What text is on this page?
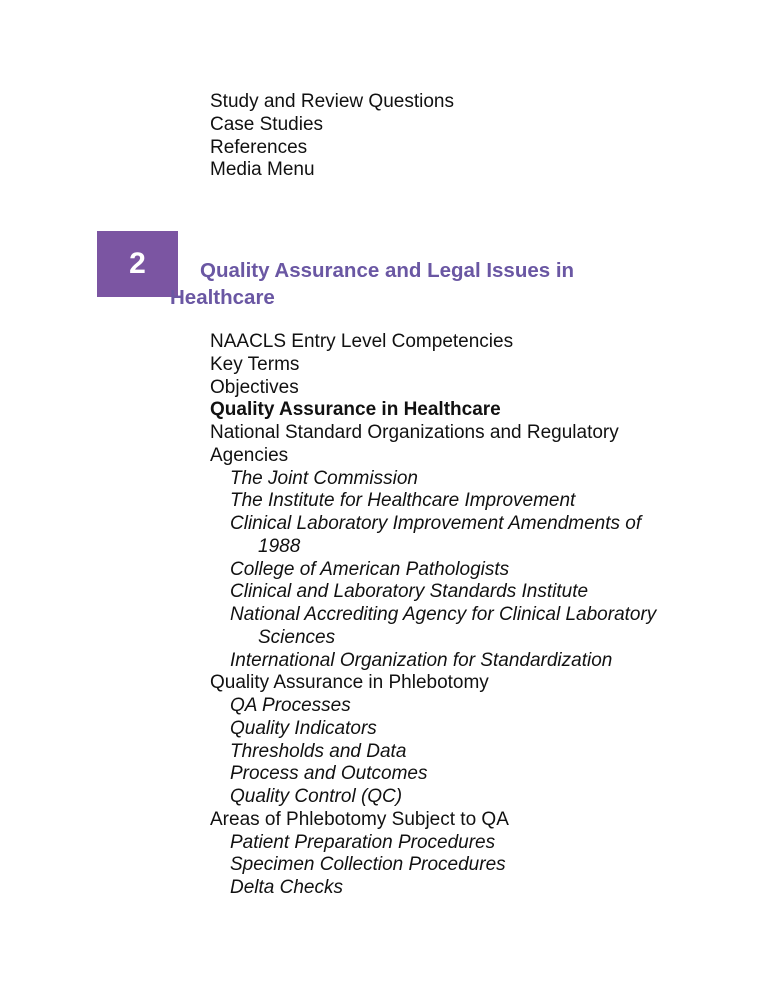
Study and Review Questions
Case Studies
References
Media Menu
2	Quality Assurance and Legal Issues in Healthcare
NAACLS Entry Level Competencies
Key Terms
Objectives
Quality Assurance in Healthcare
National Standard Organizations and Regulatory
Agencies
The Joint Commission
The Institute for Healthcare Improvement
Clinical Laboratory Improvement Amendments of
1988
College of American Pathologists
Clinical and Laboratory Standards Institute
National Accrediting Agency for Clinical Laboratory
Sciences
International Organization for Standardization
Quality Assurance in Phlebotomy
QA Processes
Quality Indicators
Thresholds and Data
Process and Outcomes
Quality Control (QC)
Areas of Phlebotomy Subject to QA
Patient Preparation Procedures
Specimen Collection Procedures
Delta Checks
